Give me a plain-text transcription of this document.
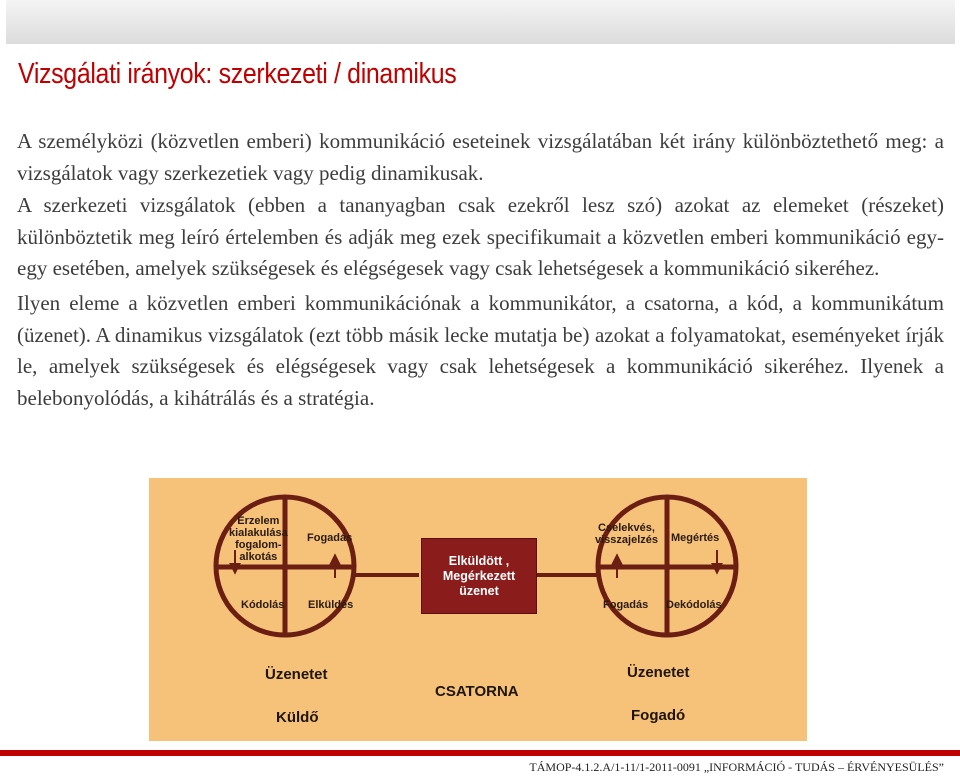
Vizsgálati irányok: szerkezeti / dinamikus

A személyközi (közvetlen emberi) kommunikáció eseteinek vizsgálatában két irány különböztethető meg: a vizsgálatok vagy szerkezetiek vagy pedig dinamikusak.

A szerkezeti vizsgálatok (ebben a tananyagban csak ezekről lesz szó) azokat az elemeket (részeket) különböztetik meg leíró értelemben és adják meg ezek specifikumait a közvetlen emberi kommunikáció egy-egy esetében, amelyek szükségesek és elégségesek vagy csak lehetségesek a kommunikáció sikeréhez.

Ilyen eleme a közvetlen emberi kommunikációnak a kommunikátor, a csatorna, a kód, a kommunikátum (üzenet). A dinamikus vizsgálatok (ezt több másik lecke mutatja be) azokat a folyamatokat, eseményeket írják le, amelyek szükségesek és elégségesek vagy csak lehetségesek a kommunikáció sikeréhez. Ilyenek a belebonyolódás, a kihátrálás és a stratégia.

Érzelem
kialakulása
fogalom-
alkotás
Fogadás
Kódolás Elküldés
Cselekvés,
visszajelzés Megértés
Fogadás Dekódolás
Elküldött ,
Megérkezett
üzenet
Üzenetet	Üzenetet
CSATORNA
Küldő	Fogadó
TÁMOP-4.1.2.A/1-11/1-2011-0091 „INFORMÁCIÓ - TUDÁS – ÉRVÉNYESÜLÉS”
